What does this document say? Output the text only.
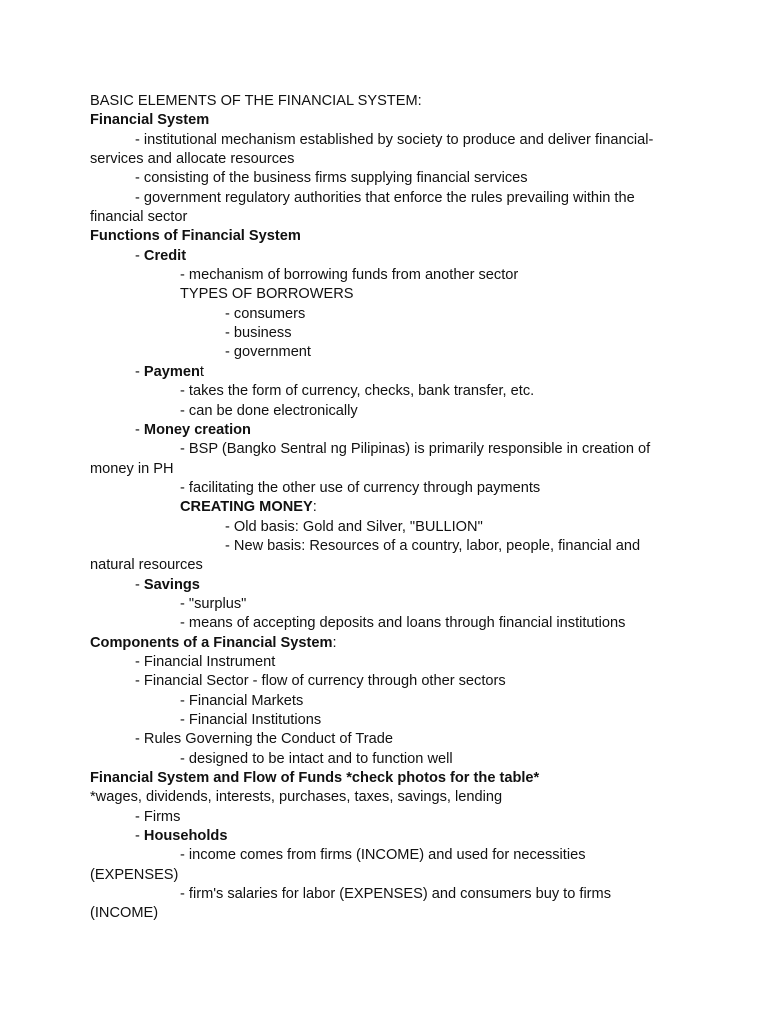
BASIC ELEMENTS OF THE FINANCIAL SYSTEM:
Financial System
- institutional mechanism established by society to produce and deliver financial-
services and allocate resources
- consisting of the business firms supplying financial services
- government regulatory authorities that enforce the rules prevailing within the
financial sector
Functions of Financial System
- Credit
- mechanism of borrowing funds from another sector
TYPES OF BORROWERS
- consumers
- business
- government
- Payment
- takes the form of currency, checks, bank transfer, etc.
- can be done electronically
- Money creation
- BSP (Bangko Sentral ng Pilipinas) is primarily responsible in creation of
money in PH
- facilitating the other use of currency through payments
CREATING MONEY:
- Old basis: Gold and Silver, "BULLION"
- New basis: Resources of a country, labor, people, financial and
natural resources
- Savings
- "surplus"
- means of accepting deposits and loans through financial institutions
Components of a Financial System:
- Financial Instrument
- Financial Sector - flow of currency through other sectors
- Financial Markets
- Financial Institutions
- Rules Governing the Conduct of Trade
- designed to be intact and to function well
Financial System and Flow of Funds *check photos for the table*
*wages, dividends, interests, purchases, taxes, savings, lending
- Firms
- Households
- income comes from firms (INCOME) and used for necessities
(EXPENSES)
- firm's salaries for labor (EXPENSES) and consumers buy to firms
(INCOME)
